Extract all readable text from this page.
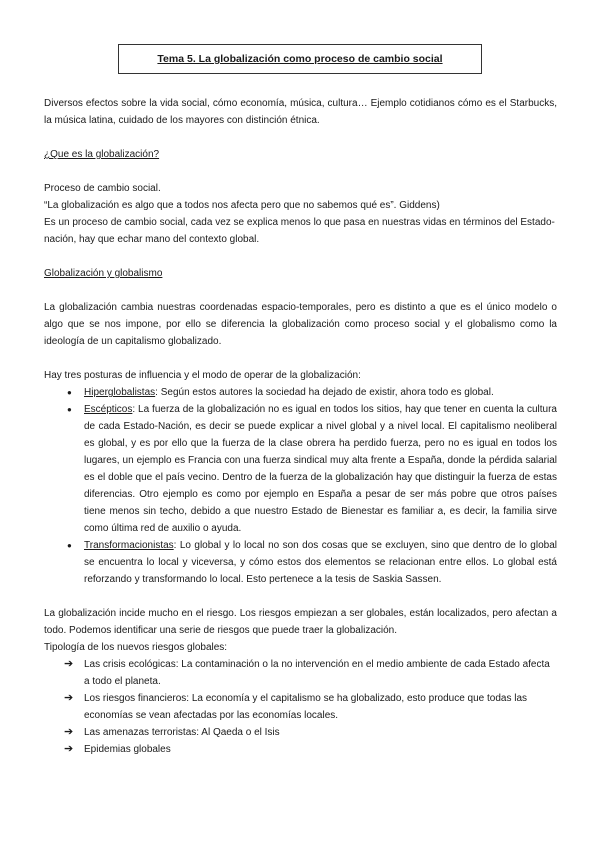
Tema 5. La globalización como proceso de cambio social

Diversos efectos sobre la vida social, cómo economía, música, cultura… Ejemplo cotidianos cómo es el Starbucks, la música latina, cuidado de los mayores con distinción étnica.

¿Que es la globalización?

Proceso de cambio social.

“La globalización es algo que a todos nos afecta pero que no sabemos qué es”. Giddens)

Es un proceso de cambio social, cada vez se explica menos lo que pasa en nuestras vidas en términos del Estado-nación, hay que echar mano del contexto global.

Globalización y globalismo

La globalización cambia nuestras coordenadas espacio-temporales, pero es distinto a que es el único modelo o algo que se nos impone, por ello se diferencia la globalización como proceso social y el globalismo como la ideología de un capitalismo globalizado.

Hay tres posturas de influencia y el modo de operar de la globalización:

● Hiperglobalistas: Según estos autores la sociedad ha dejado de existir, ahora todo es global.
● Escépticos: La fuerza de la globalización no es igual en todos los sitios, hay que tener en cuenta la cultura de cada Estado-Nación, es decir se puede explicar a nivel global y a nivel local. El capitalismo neoliberal es global, y es por ello que la fuerza de la clase obrera ha perdido fuerza, pero no es igual en todos los lugares, un ejemplo es Francia con una fuerza sindical muy alta frente a España, donde la pérdida salarial es el doble que el país vecino. Dentro de la fuerza de la globalización hay que distinguir la fuerza de estas diferencias. Otro ejemplo es como por ejemplo en España a pesar de ser más pobre que otros países tiene menos sin techo, debido a que nuestro Estado de Bienestar es familiar a, es decir, la familia sirve como última red de auxilio o ayuda.
● Transformacionistas: Lo global y lo local no son dos cosas que se excluyen, sino que dentro de lo global se encuentra lo local y viceversa, y cómo estos dos elementos se relacionan entre ellos. Lo global está reforzando y transformando lo local. Esto pertenece a la tesis de Saskia Sassen.

La globalización incide mucho en el riesgo. Los riesgos empiezan a ser globales, están localizados, pero afectan a todo. Podemos identificar una serie de riesgos que puede traer la globalización.

Tipología de los nuevos riesgos globales:

➔ Las crisis ecológicas: La contaminación o la no intervención en el medio ambiente de cada Estado afecta a todo el planeta.
➔ Los riesgos financieros: La economía y el capitalismo se ha globalizado, esto produce que todas las economías se vean afectadas por las economías locales.
➔ Las amenazas terroristas: Al Qaeda o el Isis
➔ Epidemias globales
